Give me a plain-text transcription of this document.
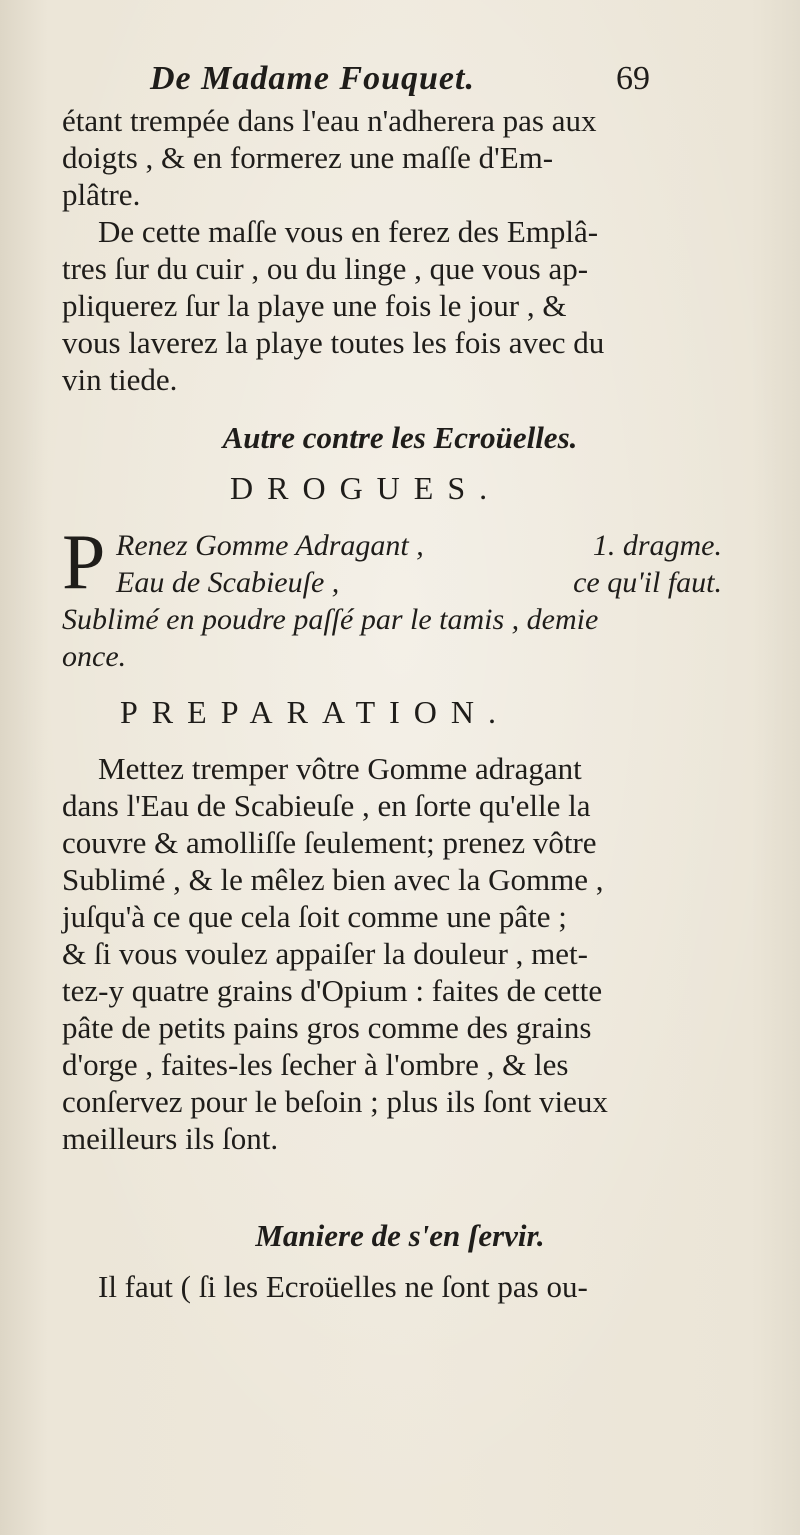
De Madame Fouquet.	69
étant trempée dans l'eau n'adherera pas aux
doigts , & en formerez une maſſe d'Em-
plâtre.
De cette maſſe vous en ferez des Emplâ-
tres ſur du cuir , ou du linge , que vous ap-
pliquerez ſur la playe une fois le jour , &
vous laverez la playe toutes les fois avec du
vin tiede.
Autre contre les Ecroüelles.
DROGUES.
P Renez Gomme Adragant ,	1. dragme.
Eau de Scabieuſe ,	ce qu'il faut.
Sublimé en poudre paſſé par le tamis , demie
once.
PREPARATION.
Mettez tremper vôtre Gomme adragant
dans l'Eau de Scabieuſe , en ſorte qu'elle la
couvre & amolliſſe ſeulement; prenez vôtre
Sublimé , & le mêlez bien avec la Gomme ,
juſqu'à ce que cela ſoit comme une pâte ;
& ſi vous voulez appaiſer la douleur , met-
tez-y quatre grains d'Opium : faites de cette
pâte de petits pains gros comme des grains
d'orge , faites-les ſecher à l'ombre , & les
conſervez pour le beſoin ; plus ils ſont vieux
meilleurs ils ſont.
Maniere de s'en ſervir.
Il faut ( ſi les Ecroüelles ne ſont pas ou-
